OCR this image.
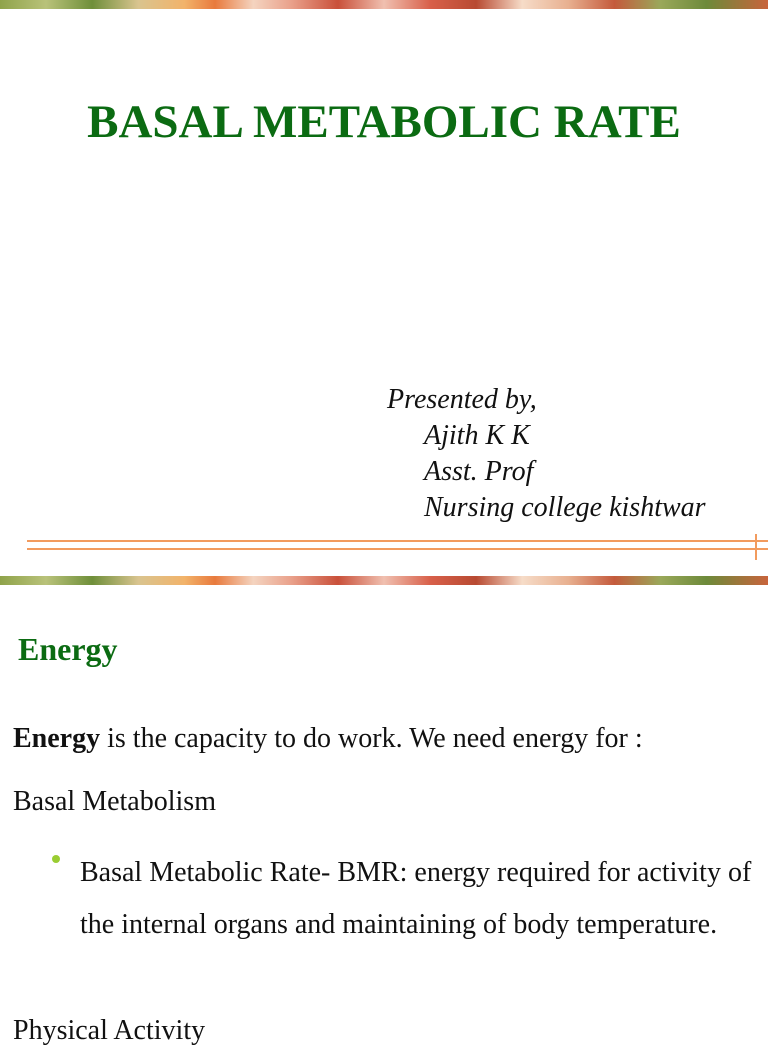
BASAL METABOLIC RATE
Presented by,
Ajith K K
Asst. Prof
Nursing college kishtwar
Energy
Energy is the capacity to do work. We need energy for :
Basal Metabolism
Basal Metabolic Rate- BMR: energy required for activity of the internal organs and maintaining of body temperature.
Physical Activity
